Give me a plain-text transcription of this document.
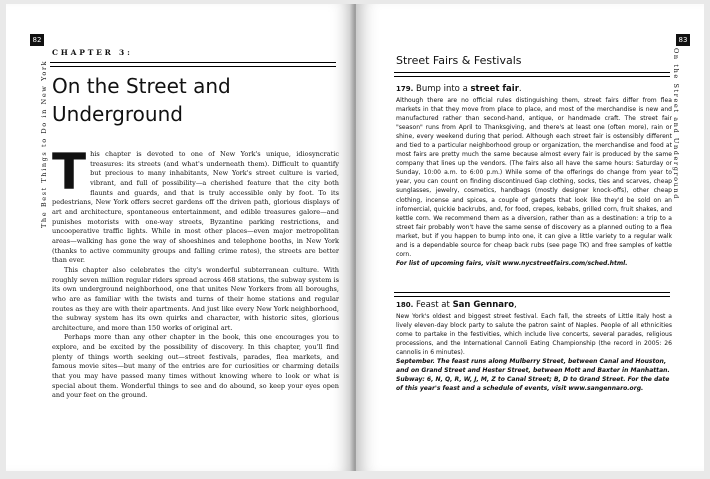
82
The Best Things to Do in New York
CHAPTER 3:
On the Street and
Underground

This chapter is devoted to one of New York's unique, idiosyncratic treasures: its streets (and what's underneath them). Difficult to quantify but precious to many inhabitants, New York's street culture is varied, vibrant, and full of possibility—a cherished feature that the city both flaunts and guards, and that is truly accessible only by foot. To its pedestrians, New York offers secret gardens off the driven path, glorious displays of art and architecture, spontaneous entertainment, and edible treasures galore—and punishes motorists with one-way streets, Byzantine parking restrictions, and uncooperative traffic lights. While in most other places—even major metropolitan areas—walking has gone the way of shoeshines and telephone booths, in New York (thanks to active community groups and falling crime rates), the streets are better than ever.

This chapter also celebrates the city's wonderful subterranean culture. With roughly seven million regular riders spread across 468 stations, the subway system is its own underground neighborhood, one that unites New Yorkers from all boroughs, who are as familiar with the twists and turns of their home stations and regular routes as they are with their apartments. And just like every New York neighborhood, the subway system has its own quirks and character, with historic sites, glorious architecture, and more than 150 works of original art.

Perhaps more than any other chapter in the book, this one encourages you to explore, and be excited by the possibility of discovery. In this chapter, you'll find plenty of things worth seeking out—street festivals, parades, flea markets, and famous movie sites—but many of the entries are for curiosities or charming details that you may have passed many times without knowing where to look or what is special about them. Wonderful things to see and do abound, so keep your eyes open and your feet on the ground.

83
On the Street and Underground
Street Fairs & Festivals
179. Bump into a street fair.

Although there are no official rules distinguishing them, street fairs differ from flea markets in that they move from place to place, and most of the merchandise is new and manufactured rather than second-hand, antique, or handmade craft. The street fair "season" runs from April to Thanksgiving, and there's at least one (often more), rain or shine, every weekend during that period. Although each street fair is ostensibly different and tied to a particular neighborhood group or organization, the merchandise and food at most fairs are pretty much the same because almost every fair is produced by the same company that lines up the vendors. (The fairs also all have the same hours: Saturday or Sunday, 10:00 a.m. to 6:00 p.m.) While some of the offerings do change from year to year, you can count on finding discontinued Gap clothing, socks, ties and scarves, cheap sunglasses, jewelry, cosmetics, handbags (mostly designer knock-offs), other cheap clothing, incense and spices, a couple of gadgets that look like they'd be sold on an infomercial, quickie backrubs, and, for food, crepes, kebabs, grilled corn, fruit shakes, and kettle corn. We recommend them as a diversion, rather than as a destination: a trip to a street fair probably won't have the same sense of discovery as a planned outing to a flea market, but if you happen to bump into one, it can give a little variety to a regular walk and is a dependable source for cheap back rubs (see page TK) and free samples of kettle corn.

For list of upcoming fairs, visit www.nycstreetfairs.com/sched.html.

180. Feast at San Gennaro,

New York's oldest and biggest street festival. Each fall, the streets of Little Italy host a lively eleven-day block party to salute the patron saint of Naples. People of all ethnicities come to partake in the festivities, which include live concerts, several parades, religious processions, and the International Cannoli Eating Championship (the record in 2005: 26 cannolis in 6 minutes).

September. The feast runs along Mulberry Street, between Canal and Houston, and on Grand Street and Hester Street, between Mott and Baxter in Manhattan. Subway: 6, N, Q, R, W, J, M, Z to Canal Street; B, D to Grand Street. For the date of this year's feast and a schedule of events, visit www.sangennaro.org.
